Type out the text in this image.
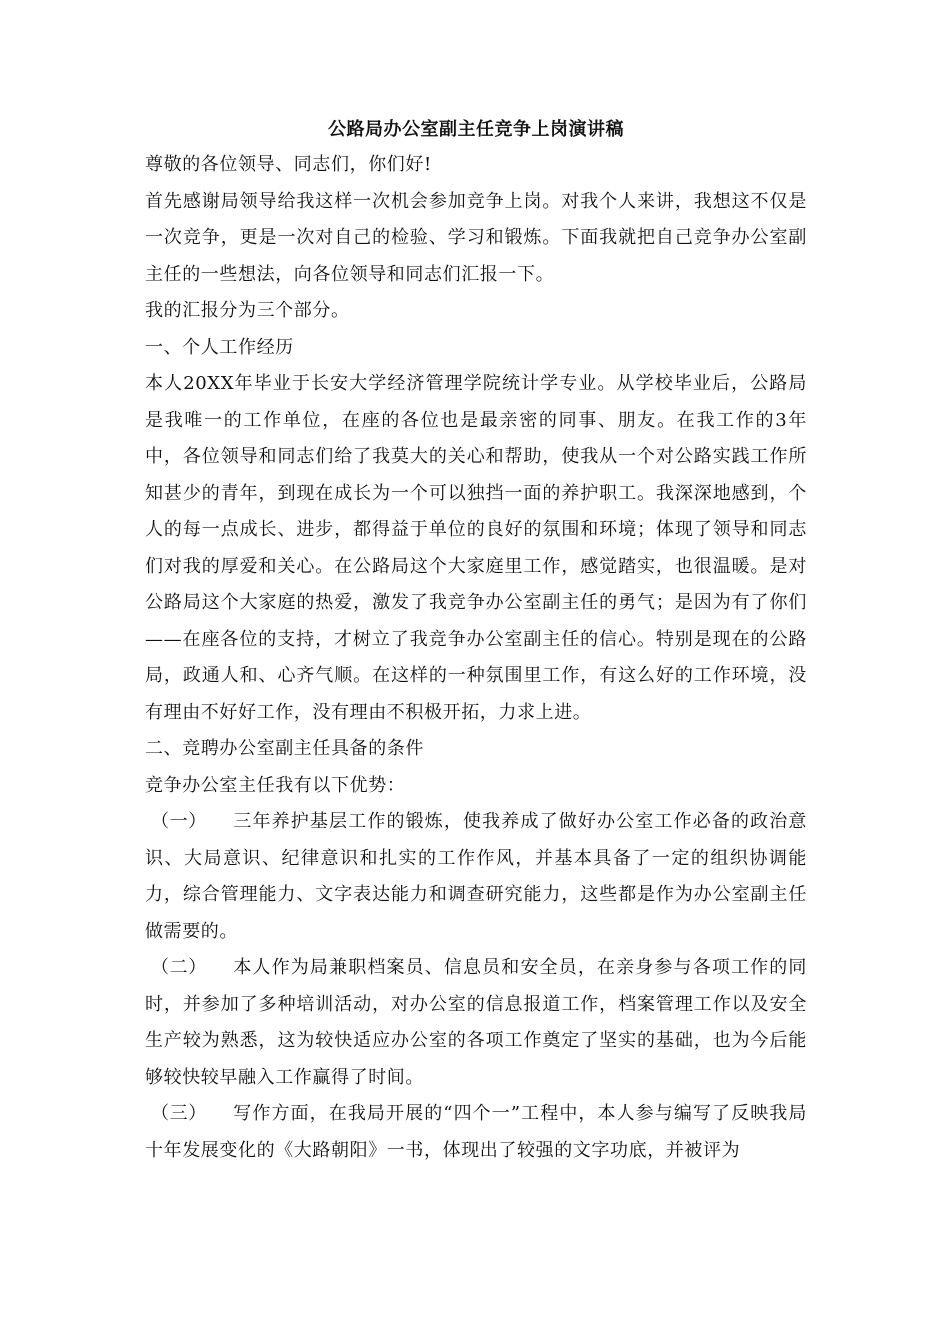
公路局办公室副主任竞争上岗演讲稿

尊敬的各位领导、同志们，你们好!

首先感谢局领导给我这样一次机会参加竞争上岗。对我个人来讲，我想这不仅是一次竞争，更是一次对自己的检验、学习和锻炼。下面我就把自己竞争办公室副主任的一些想法，向各位领导和同志们汇报一下。

我的汇报分为三个部分。

一、个人工作经历

本人20XX年毕业于长安大学经济管理学院统计学专业。从学校毕业后，公路局是我唯一的工作单位，在座的各位也是最亲密的同事、朋友。在我工作的3年中，各位领导和同志们给了我莫大的关心和帮助，使我从一个对公路实践工作所知甚少的青年，到现在成长为一个可以独挡一面的养护职工。我深深地感到，个人的每一点成长、进步，都得益于单位的良好的氛围和环境；体现了领导和同志们对我的厚爱和关心。在公路局这个大家庭里工作，感觉踏实，也很温暖。是对公路局这个大家庭的热爱，激发了我竞争办公室副主任的勇气；是因为有了你们——在座各位的支持，才树立了我竞争办公室副主任的信心。特别是现在的公路局，政通人和、心齐气顺。在这样的一种氛围里工作，有这么好的工作环境，没有理由不好好工作，没有理由不积极开拓，力求上进。

二、竞聘办公室副主任具备的条件

竞争办公室主任我有以下优势：

（一） 三年养护基层工作的锻炼，使我养成了做好办公室工作必备的政治意识、大局意识、纪律意识和扎实的工作作风，并基本具备了一定的组织协调能力，综合管理能力、文字表达能力和调查研究能力，这些都是作为办公室副主任做需要的。

（二） 本人作为局兼职档案员、信息员和安全员，在亲身参与各项工作的同时，并参加了多种培训活动，对办公室的信息报道工作，档案管理工作以及安全生产较为熟悉，这为较快适应办公室的各项工作奠定了坚实的基础，也为今后能够较快较早融入工作赢得了时间。

（三） 写作方面，在我局开展的“四个一”工程中，本人参与编写了反映我局十年发展变化的《大路朝阳》一书，体现出了较强的文字功底，并被评为
